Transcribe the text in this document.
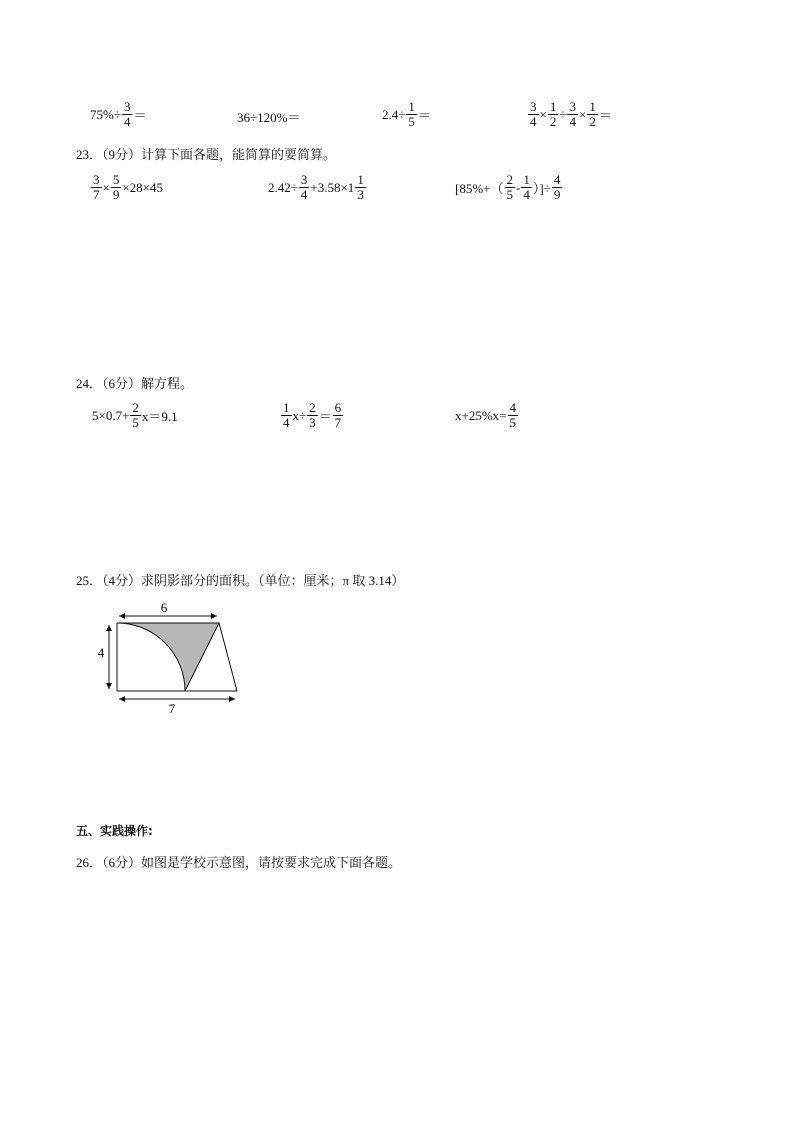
$75\% \div \frac{3}{4}$ ＝	36÷120%＝	$2.4 \div \frac{1}{5}$ ＝	$\frac{3}{4} \times \frac{1}{2} \div \frac{3}{4} \times \frac{1}{2}$ ＝
23．（9分）计算下面各题，能简算的要简算。
$\frac{3}{7} \times \frac{5}{9} \times 28\times 45$	$2.42\div \frac{3}{4} +3.58\times 1 \frac{1}{3}$	[$85\%+( \frac{2}{5} - \frac{1}{4}$ ）]÷ $\frac{4}{9}$
24．（6分）解方程。
$5\times 0.7+ \frac{2}{5} x=9.1$	$\frac{1}{4} x\div \frac{2}{3} = \frac{6}{7}$	$x+25\%x= \frac{4}{5}$
25．（4分）求阴影部分的面积。（单位：厘米；π 取 3.14）
6
4
7
五、实践操作:
26．（6分）如图是学校示意图，请按要求完成下面各题。
